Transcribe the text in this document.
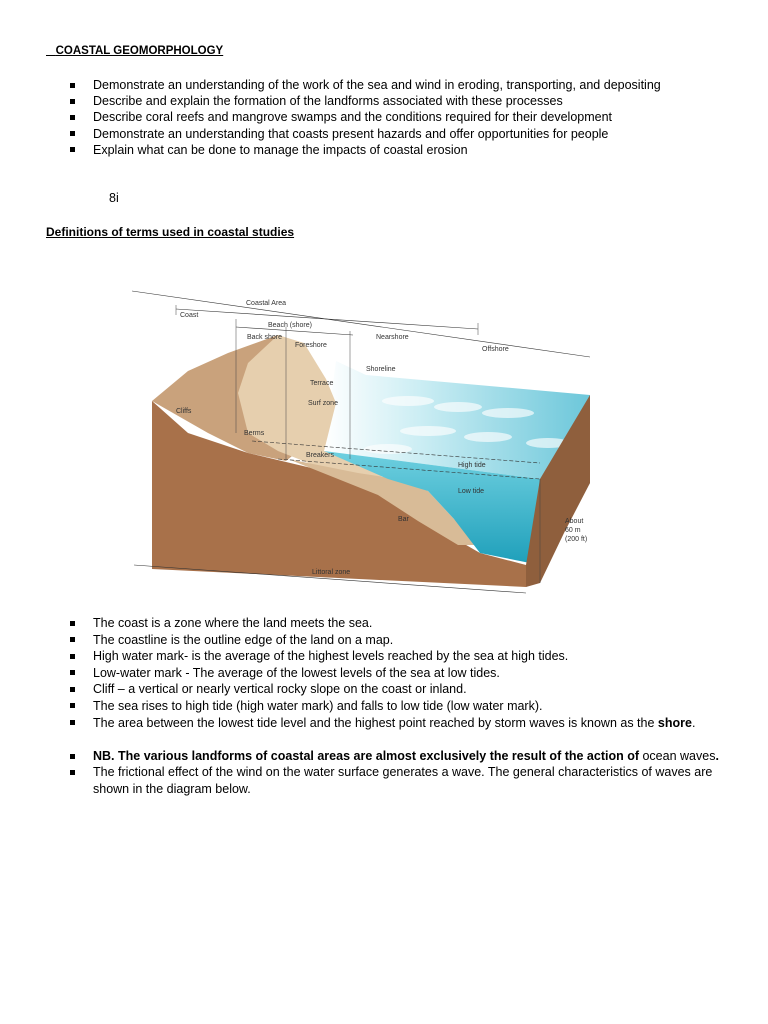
COASTAL GEOMORPHOLOGY
Demonstrate an understanding of the work of the sea and wind in eroding, transporting, and depositing
Describe and explain the formation of the landforms associated with these processes
Describe coral reefs and mangrove swamps and the conditions required for their development
Demonstrate an understanding that coasts present hazards and offer opportunities for people
Explain what can be done to manage the impacts of coastal erosion
8i
Definitions of terms used in coastal studies
Coastal Area
Coast
Beach (shore)
Nearshore
Offshore
Back shore
Foreshore
Shoreline
Terrace
Surf zone
Cliffs
Berms
Breakers
High tide
Low tide
Bar	About
60 m
(200 ft)
Littoral zone
The coast is a zone where the land meets the sea.
The coastline is the outline edge of the land on a map.
High water mark- is the average of the highest levels reached by the sea at high tides.
Low-water mark - The average of the lowest levels of the sea at low tides.
Cliff – a vertical or nearly vertical rocky slope on the coast or inland.
The sea rises to high tide (high water mark) and falls to low tide (low water mark).
The area between the lowest tide level and the highest point reached by storm waves is known as the shore.
NB. The various landforms of coastal areas are almost exclusively the result of the action of ocean waves.
The frictional effect of the wind on the water surface generates a wave. The general characteristics of waves are shown in the diagram below.
